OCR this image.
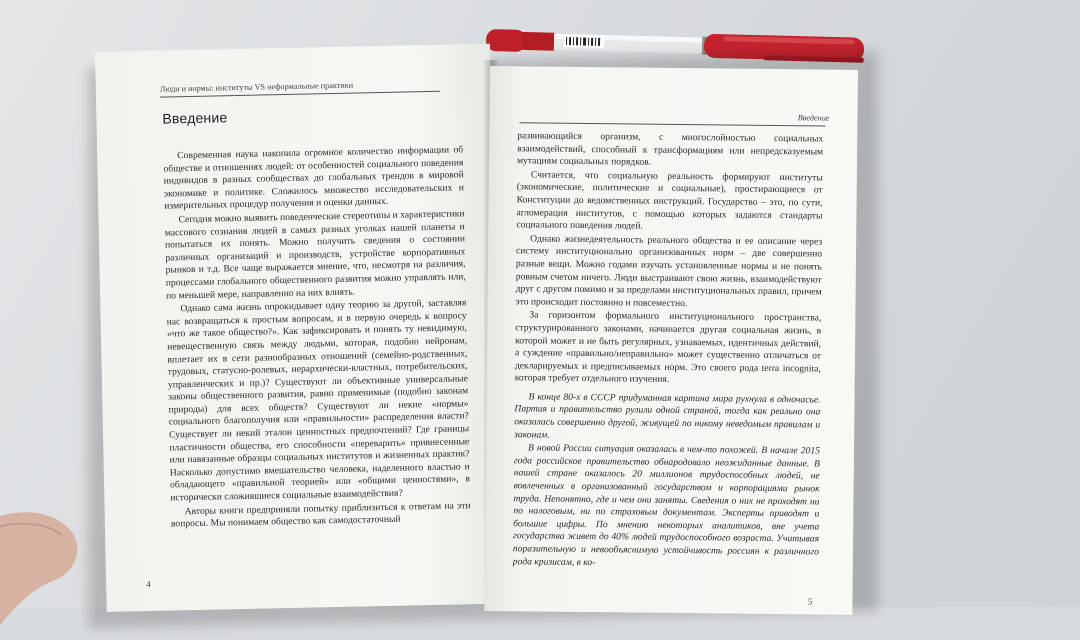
Люди и нормы: институты VS неформальные практики
Введение

Современная наука накопила огромное количество информации об обществе и отношениях людей: от особенностей социального поведения индивидов в разных сообществах до глобальных трендов в мировой экономике и политике. Сложилось множество исследовательских и измерительных процедур получения и оценки данных.

Сегодня можно выявить поведенческие стереотипы и характеристики массового сознания людей в самых разных уголках нашей планеты и попытаться их понять. Можно получить сведения о состоянии различных организаций и производств, устройстве корпоративных рынков и т.д. Все чаще выражается мнение, что, несмотря на различия, процессами глобального общественного развития можно управлять или, по меньшей мере, направленно на них влиять.

Однако сама жизнь опрокидывает одну теорию за другой, заставляя нас возвращаться к простым вопросам, и в первую очередь к вопросу «что же такое общество?». Как зафиксировать и понять ту невидимую, невещественную связь между людьми, которая, подобно нейронам, вплетает их в сети разнообразных отношений (семейно-родственных, трудовых, статусно-ролевых, иерархически-властных, потребительских, управленческих и пр.)? Существуют ли объективные универсальные законы общественного развития, равно применимые (подобно законам природы) для всех обществ? Существуют ли некие «нормы» социального благополучия или «правильности» распределения власти? Существует ли некий эталон ценностных предпочтений? Где границы пластичности общества, его способности «переварить» привнесенные или навязанные образцы социальных институтов и жизненных практик? Насколько допустимо вмешательство человека, наделенного властью и обладающего «правильной теорией» или «общими ценностями», в исторически сложившиеся социальные взаимодействия?

Авторы книги предприняли попытку приблизиться к ответам на эти вопросы. Мы понимаем общество как самодостаточный

4
Введение

развивающийся организм, с многослойностью социальных взаимодействий, способный к трансформациям или непредсказуемым мутациям социальных порядков.

Считается, что социальную реальность формируют институты (экономические, политические и социальные), простирающиеся от Конституции до ведомственных инструкций. Государство – это, по сути, агломерация институтов, с помощью которых задаются стандарты социального поведения людей.

Однако жизнедеятельность реального общества и ее описание через систему институционально организованных норм – две совершенно разные вещи. Можно годами изучать установленные нормы и не понять ровным счетом ничего. Люди выстраивают свою жизнь, взаимодействуют друг с другом помимо и за пределами институциональных правил, причем это происходит постоянно и повсеместно.

За горизонтом формального институционального пространства, структурированного законами, начинается другая социальная жизнь, в которой может и не быть регулярных, узнаваемых, идентичных действий, а суждение «правильно/неправильно» может существенно отличаться от декларируемых и предписываемых норм. Это своего рода terra incognita, которая требует отдельного изучения.

В конце 80-х в СССР придуманная картина мира рухнула в одночасье. Партия и правительство рулили одной страной, тогда как реально она оказалась совершенно другой, живущей по никому неведомым правилам и законам.

В новой России ситуация оказалась в чем-то похожей. В начале 2015 года российское правительство обнародовало неожиданные данные. В нашей стране оказалось 20 миллионов трудоспособных людей, не вовлеченных в организованный государством и корпорациями рынок труда. Непонятно, где и чем они заняты. Сведения о них не проходят ни по налоговым, ни по страховым документам. Эксперты приводят и большие цифры. По мнению некоторых аналитиков, вне учета государства живет до 40% людей трудоспособного возраста. Учитывая поразительную и невообъяснимую устойчивость россиян к различного рода кризисам, в ко-

5
